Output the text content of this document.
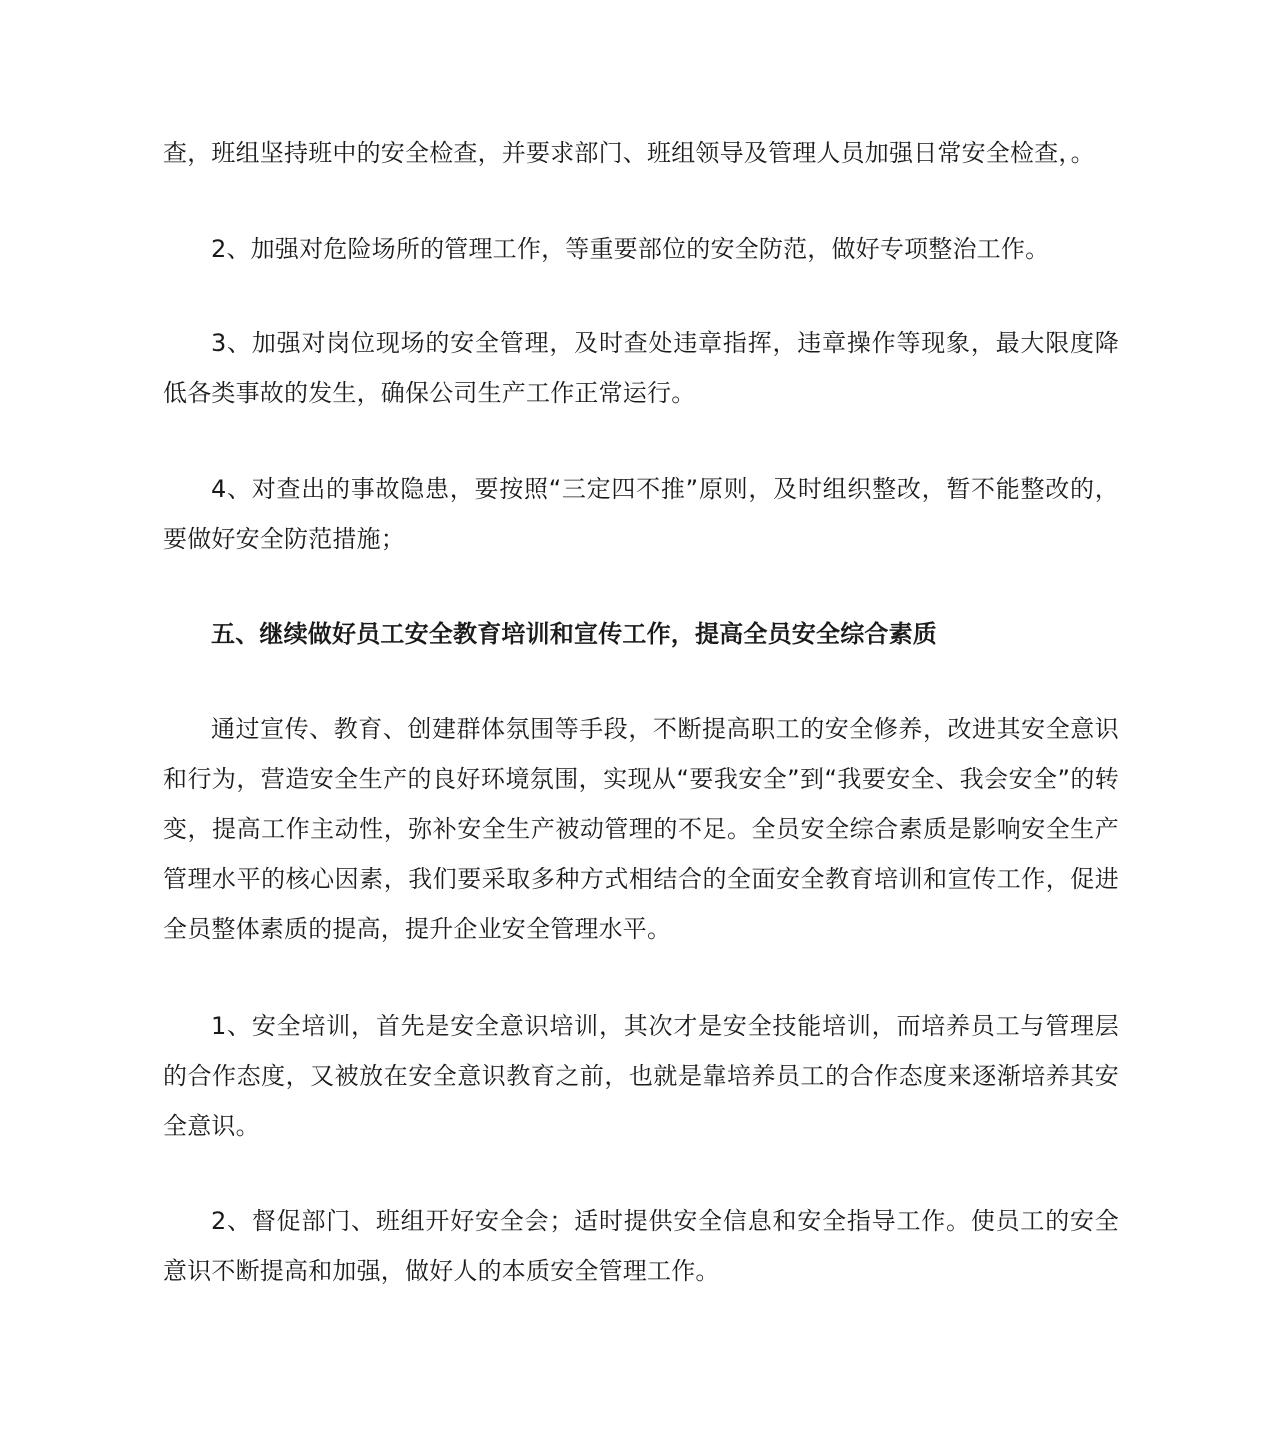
查，班组坚持班中的安全检查，并要求部门、班组领导及管理人员加强日常安全检查，。

2、加强对危险场所的管理工作，等重要部位的安全防范，做好专项整治工作。

3、加强对岗位现场的安全管理，及时查处违章指挥，违章操作等现象，最大限度降低各类事故的发生，确保公司生产工作正常运行。

4、对查出的事故隐患，要按照“三定四不推”原则，及时组织整改，暂不能整改的，要做好安全防范措施；

五、继续做好员工安全教育培训和宣传工作，提高全员安全综合素质

通过宣传、教育、创建群体氛围等手段，不断提高职工的安全修养，改进其安全意识和行为，营造安全生产的良好环境氛围，实现从“要我安全”到“我要安全、我会安全”的转变，提高工作主动性，弥补安全生产被动管理的不足。全员安全综合素质是影响安全生产管理水平的核心因素，我们要采取多种方式相结合的全面安全教育培训和宣传工作，促进全员整体素质的提高，提升企业安全管理水平。

1、安全培训，首先是安全意识培训，其次才是安全技能培训，而培养员工与管理层的合作态度，又被放在安全意识教育之前，也就是靠培养员工的合作态度来逐渐培养其安全意识。

2、督促部门、班组开好安全会；适时提供安全信息和安全指导工作。使员工的安全意识不断提高和加强，做好人的本质安全管理工作。
